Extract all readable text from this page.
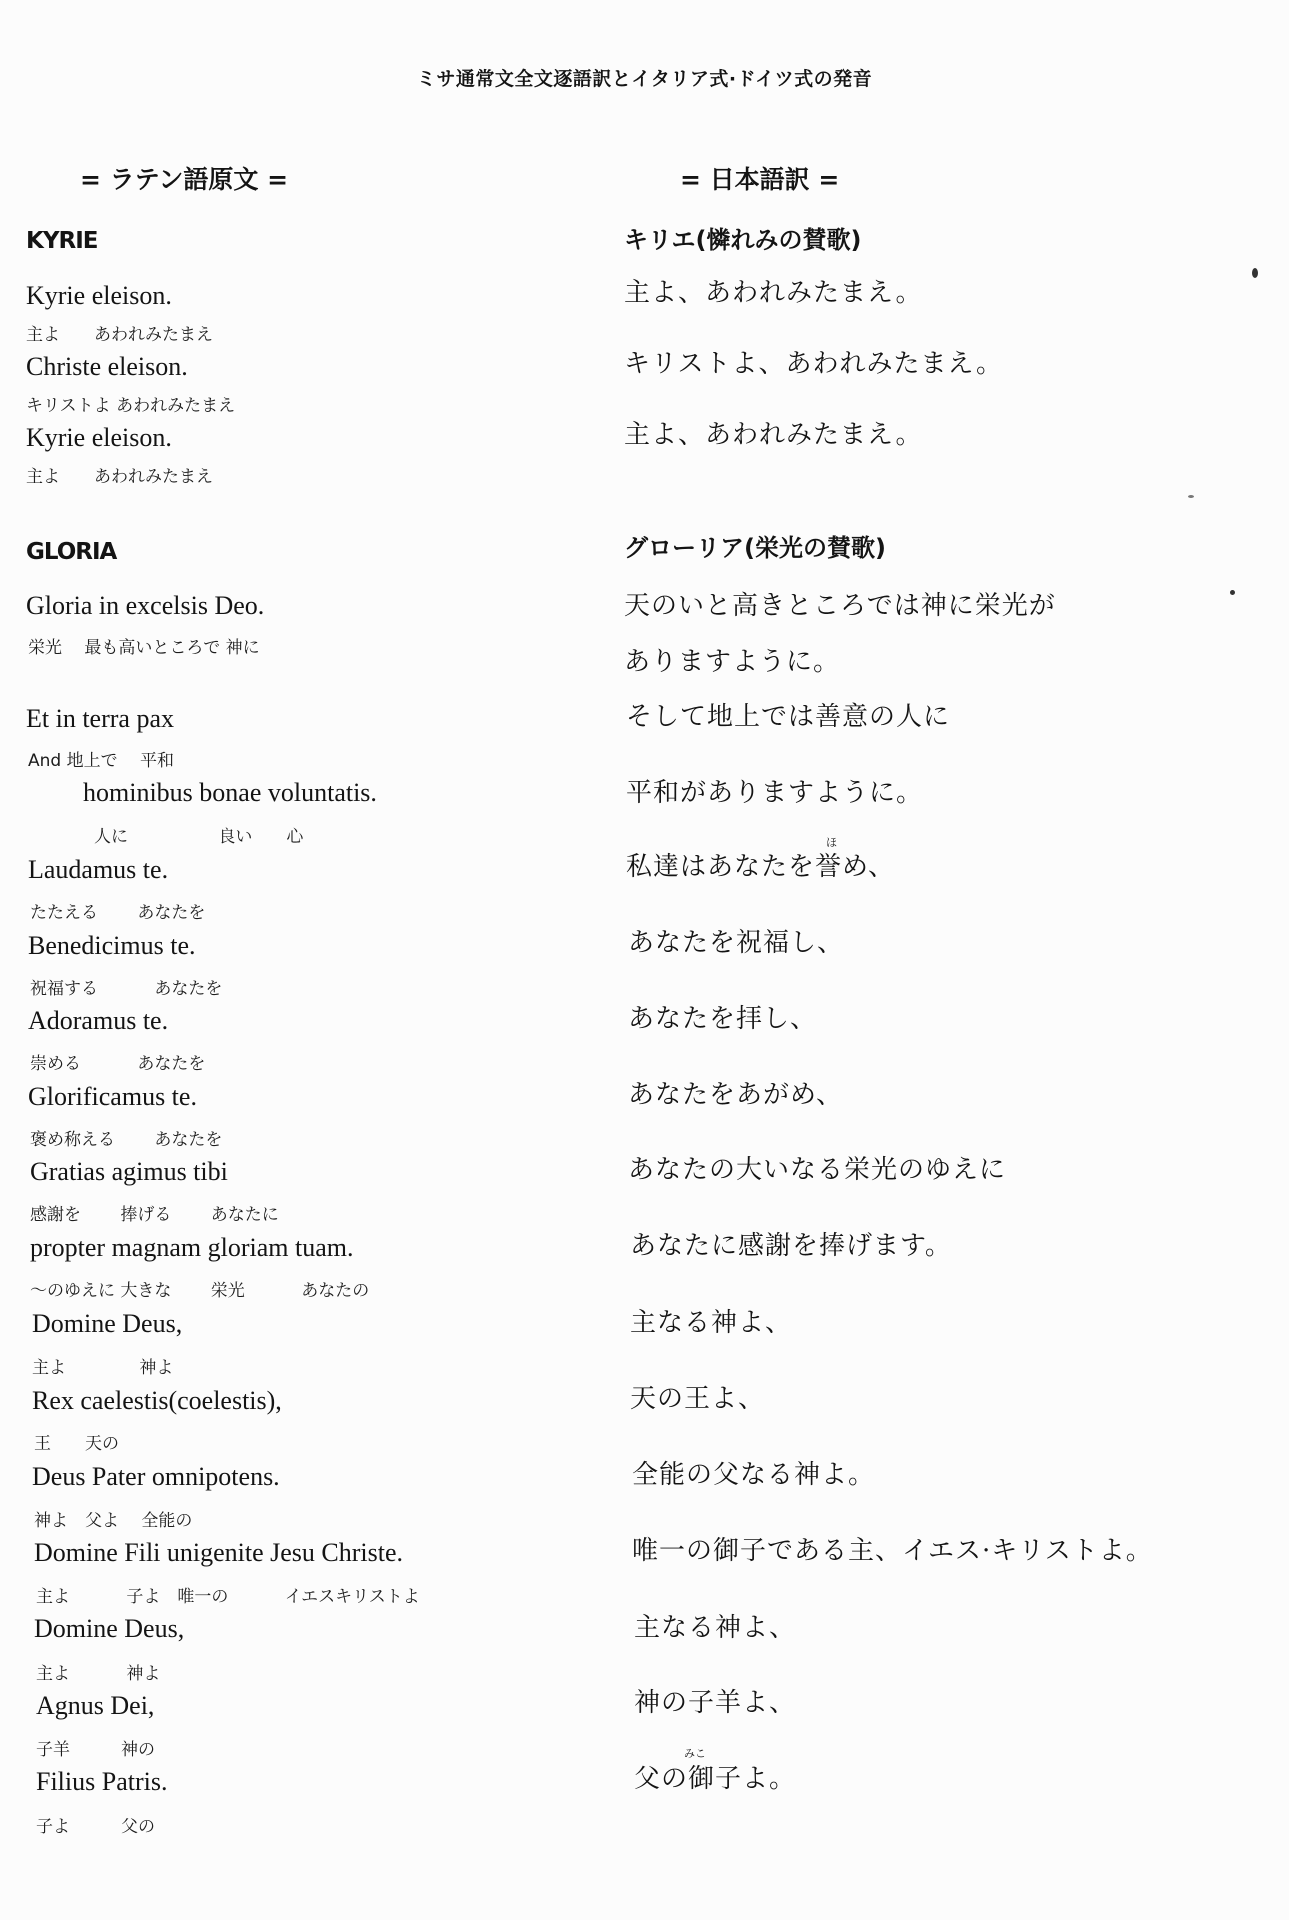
ミサ通常文全文逐語訳とイタリア式·ドイツ式の発音
= ラテン語原文 =	= 日本語訳 =
KYRIE
Kyrie eleison.
主よ　　あわれみたまえ
Christe eleison.
キリストよ あわれみたまえ
Kyrie eleison.
主よ　　あわれみたまえ
GLORIA
Gloria in excelsis Deo.
栄光　 最も高いところで 神に
Et in terra pax
And 地上で　 平和
hominibus bonae voluntatis.
人に　　　　　 良い　　心
Laudamus te.
たたえる　　 あなたを
Benedicimus te.
祝福する　　　 あなたを
Adoramus te.
崇める　　　 あなたを
Glorificamus te.
褒め称える　　 あなたを
Gratias agimus tibi
感謝を　　 捧げる　　 あなたに
propter magnam gloriam tuam.
～のゆえに 大きな　　 栄光　　　 あなたの
Domine Deus,
主よ　　　　 神よ
Rex caelestis(coelestis),
王　　天の
Deus Pater omnipotens.
神よ　父よ　 全能の
Domine Fili unigenite Jesu Christe.
主よ　　　 子よ　唯一の　　　 イエスキリストよ
Domine Deus,
主よ　　　 神よ
Agnus Dei,
子羊　　　神の
Filius Patris.
子よ　　　父の
キリエ(憐れみの賛歌)
主よ、あわれみたまえ。
キリストよ、あわれみたまえ。
主よ、あわれみたまえ。
グローリア(栄光の賛歌)
天のいと高きところでは神に栄光が
ありますように。
そして地上では善意の人に
平和がありますように。
ほ
私達はあなたを誉め、
あなたを祝福し、
あなたを拝し、
あなたをあがめ、
あなたの大いなる栄光のゆえに
あなたに感謝を捧げます。
主なる神よ、
天の王よ、
全能の父なる神よ。
唯一の御子である主、イエス·キリストよ。
主なる神よ、
神の子羊よ、
みこ
父の御子よ。
